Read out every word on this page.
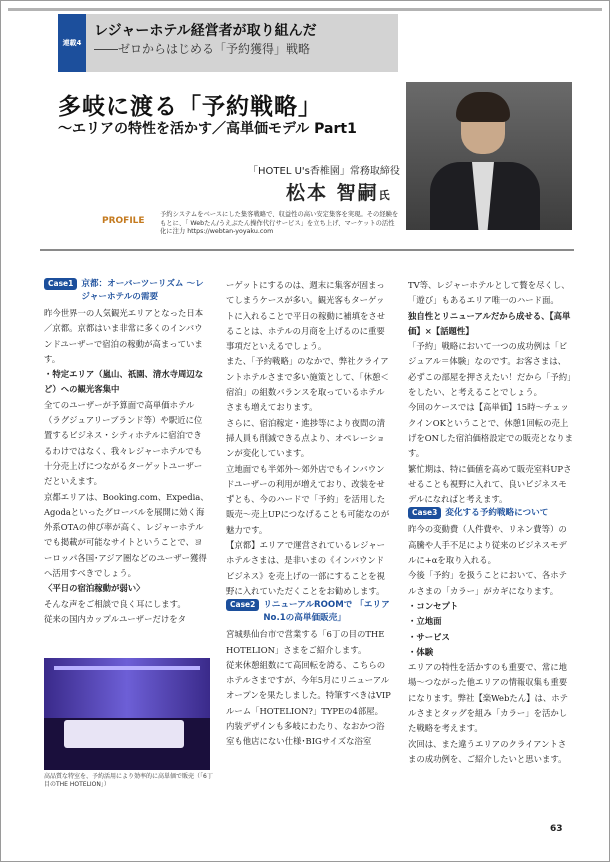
連載4
レジャーホテル経営者が取り組んだ
――ゼロからはじめる「予約獲得」戦略
多岐に渡る「予約戦略」
～エリアの特性を活かす／高単価モデル Part1
「HOTEL U's香椎園」常務取締役
松本 智嗣氏
PROFILE
予約システムをベースにした集客戦略で、収益性の高い安定集客を実現。その経験をもとに、「 Webたん/うえぶたん操作代行サービス」を立ち上げ、マーケットの活性化に注力 https://webtan-yoyaku.com
Case1 京都：オーバーツーリズム ～レジャーホテルの需要

昨今世界一の人気観光エリアとなった日本／京都。京都はいま非常に多くのインバウンドユーザーで宿泊の稼動が高まっています。

・特定エリア（嵐山、祇園、清水寺周辺など）への観光客集中

全てのユーザーが予算面で高単価ホテル（ラグジュアリーブランド等）や駅近に位置するビジネス・シティホテルに宿泊できるわけではなく、我々レジャーホテルでも十分売上げにつながるターゲットユーザーだといえます。

京都エリアは、Booking.com、Expedia、Agodaといったグローバルを展開に効く海外系OTAの伸び率が高く、レジャーホテルでも掲載が可能なサイトということで、ヨーロッパ各国･アジア圏などのユーザー獲得へ活用すべきでしょう。

〈平日の宿泊稼動が弱い〉

そんな声をご相談で良く耳にします。

従来の国内カップルユーザーだけをタ

高品質な特室を、予約活用により効率的に高単価で販売（「6丁目のTHE HOTELION」）

ーゲットにするのは、週末に集客が固まってしまうケースが多い。観光客もターゲットに入れることで平日の稼動に補填をさせることは、ホテルの月商を上げるのに重要事項だといえるでしょう。

また、「予約戦略」のなかで、弊社クライアントホテルさまで多い施策として、「休憩＜宿泊」の組数バランスを取っているホテルさまも増えております。

さらに、宿泊稼定・進捗等により夜間の清掃人員も削減できる点より、オペレーションが変化しています。

立地面でも半郊外～郊外店でもインバウンドユーザーの利用が増えており、改装をせずとも、今のハードで「予約」を活用した販売～売上UPにつなげることも可能なのが魅力です。

【京都】エリアで運営されているレジャーホテルさまは、是非いまの《インバウンドビジネス》を売上げの一部にすることを視野に入れていただくことをお勧めします。

Case2 リニューアルROOMで 「エリアNo.1の高単価販売」

宮城県仙台市で営業する「6丁の目のTHE HOTELION」さまをご紹介します。

従来休憩組数にて高回転を誇る、こちらのホテルさまですが、今年5月にリニューアルオープンを果たしました。特筆すべきはVIPルーム「HOTELION?」TYPEの4部屋。

内装デザインも多岐にわたり、なおかつ浴室も他店にない仕様･BIGサイズな浴室

TV等、レジャーホテルとして贅を尽くし、「遊び」もあるエリア唯一のハード面。

独自性とリニューアルだから成せる、【高単価】×【話題性】

「予約」戦略において一つの成功例は「ビジュアル＝体験」なのです。お客さまは、必ずこの部屋を押さえたい！だから「予約」をしたい、と考えることでしょう。

今回のケースでは【高単価】15時～チェックインOKということで、休憩1回転の売上げをONした宿泊価格設定での販売となります。

繁忙期は、特に価値を高めて販売室料UPさせることも視野に入れて、良いビジネスモデルになればと考えます。

Case3 変化する予約戦略について

昨今の変動費（人件費や、リネン費等）の高騰や人手不足により従来のビジネスモデルに+αを取り入れる。

今後「予約」を扱うことにおいて、各ホテルさまの「カラー」がカギになります。

・コンセプト

・立地面

・サービス

・体験

エリアの特性を活かすのも重要で、常に地場～つながった他エリアの情報収集も重要になります。弊社【楽Webたん】は、ホテルさまとタッグを組み「カラー」を活かした戦略を考えます。

次回は、また違うエリアのクライアントさまの成功例を、ご紹介したいと思います。

63
